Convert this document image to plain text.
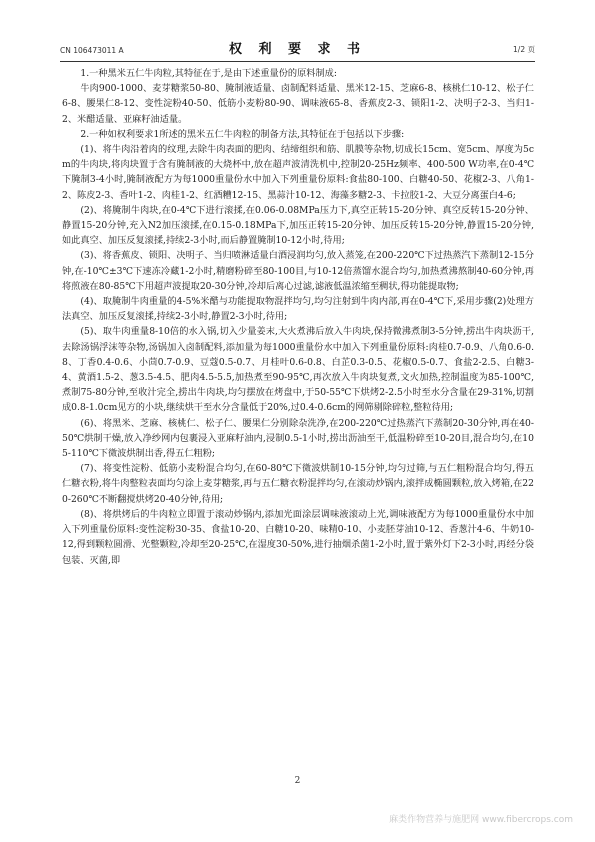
CN 106473011 A	权 利 要 求 书	1/2 页

1.一种黑米五仁牛肉粒,其特征在于,是由下述重量份的原料制成:

牛肉900-1000、麦芽糖浆50-80、腌制液适量、卤制配料适量、黑米12-15、芝麻6-8、核桃仁10-12、松子仁6-8、腰果仁8-12、变性淀粉40-50、低筋小麦粉80-90、调味液65-8、香蕉皮2-3、锁阳1-2、决明子2-3、当归1-2、米醋适量、亚麻籽油适量。

2.一种如权利要求1所述的黑米五仁牛肉粒的制备方法,其特征在于包括以下步骤:

(1)、将牛肉沿着肉的纹理,去除牛肉表面的肥肉、结缔组织和筋、肌膜等杂物,切成长15cm、宽5cm、厚度为5cm的牛肉块,将肉块置于含有腌制液的大烧杯中,放在超声波清洗机中,控制20-25Hz频率、400-500 W功率,在0-4℃下腌制3-4小时,腌制液配方为每1000重量份水中加入下列重量份原料:食盐80-100、白糖40-50、花椒2-3、八角1-2、陈皮2-3、香叶1-2、肉桂1-2、红酒糟12-15、黑蒜汁10-12、海藻多糖2-3、卡拉胶1-2、大豆分离蛋白4-6;

(2)、将腌制牛肉块,在0-4℃下进行滚揉,在0.06-0.08MPa压力下,真空正转15-20分钟、真空反转15-20分钟、静置15-20分钟,充入N2加压滚揉,在0.15-0.18MPa下,加压正转15-20分钟、加压反转15-20分钟,静置15-20分钟,如此真空、加压反复滚揉,持续2-3小时,而后静置腌制10-12小时,待用;

(3)、将香蕉皮、锁阳、决明子、当归喷淋适量白酒浸润均匀,放入蒸笼,在200-220℃下过热蒸汽下蒸制12-15分钟,在-10℃±3℃下速冻冷藏1-2小时,精磨粉碎至80-100目,与10-12倍蒸馏水混合均匀,加热煮沸熬制40-60分钟,再将煎液在80-85℃下用超声波提取20-30分钟,冷却后离心过滤,滤液低温浓缩至稠状,得功能提取物;

(4)、取腌制牛肉重量的4-5%米醋与功能提取物混拌均匀,均匀注射到牛肉内部,再在0-4℃下,采用步骤(2)处理方法真空、加压反复滚揉,持续2-3小时,静置2-3小时,待用;

(5)、取牛肉重量8-10倍的水入锅,切入少量姜末,大火煮沸后放入牛肉块,保持微沸煮制3-5分钟,捞出牛肉块沥干,去除汤锅浮沫等杂物,汤锅加入卤制配料,添加量为每1000重量份水中加入下列重量份原料:肉桂0.7-0.9、八角0.6-0.8、丁香0.4-0.6、小茴0.7-0.9、豆蔻0.5-0.7、月桂叶0.6-0.8、白芷0.3-0.5、花椒0.5-0.7、食盐2-2.5、白糖3-4、黄酒1.5-2、葱3.5-4.5、肥肉4.5-5.5,加热煮至90-95℃,再次放入牛肉块复煮,文火加热,控制温度为85-100℃,煮制75-80分钟,至收汁完全,捞出牛肉块,均匀摆放在烤盘中,于50-55℃下烘烤2-2.5小时至水分含量在29-31%,切割成0.8-1.0cm见方的小块,继续烘干至水分含量低于20%,过0.4-0.6cm的网筛剔除碎粒,整粒待用;

(6)、将黑米、芝麻、核桃仁、松子仁、腰果仁分别除杂洗净,在200-220℃过热蒸汽下蒸制20-30分钟,再在40-50℃烘制干燥,放入净纱网内包裹浸入亚麻籽油内,浸制0.5-1小时,捞出沥油至干,低温粉碎至10-20目,混合均匀,在105-110℃下微波烘制出香,得五仁粗粉;

(7)、将变性淀粉、低筋小麦粉混合均匀,在60-80℃下微波烘制10-15分钟,均匀过筛,与五仁粗粉混合均匀,得五仁糖衣粉,将牛肉整粒表面均匀涂上麦芽糖浆,再与五仁糖衣粉混拌均匀,在滚动炒锅内,滚拌成椭圆颗粒,放入烤箱,在220-260℃不断翻搅烘烤20-40分钟,待用;

(8)、将烘烤后的牛肉粒立即置于滚动炒锅内,添加光面涂层调味液滚动上光,调味液配方为每1000重量份水中加入下列重量份原料:变性淀粉30-35、食盐10-20、白糖10-20、味精0-10、小麦胚芽油10-12、香葱汁4-6、牛奶10-12,得到颗粒圆滑、光整颗粒,冷却至20-25℃,在湿度30-50%,进行抽烟杀菌1-2小时,置于紫外灯下2-3小时,再经分袋包装、灭菌,即

2
麻类作物营养与施肥网 www.fibercrops.com
